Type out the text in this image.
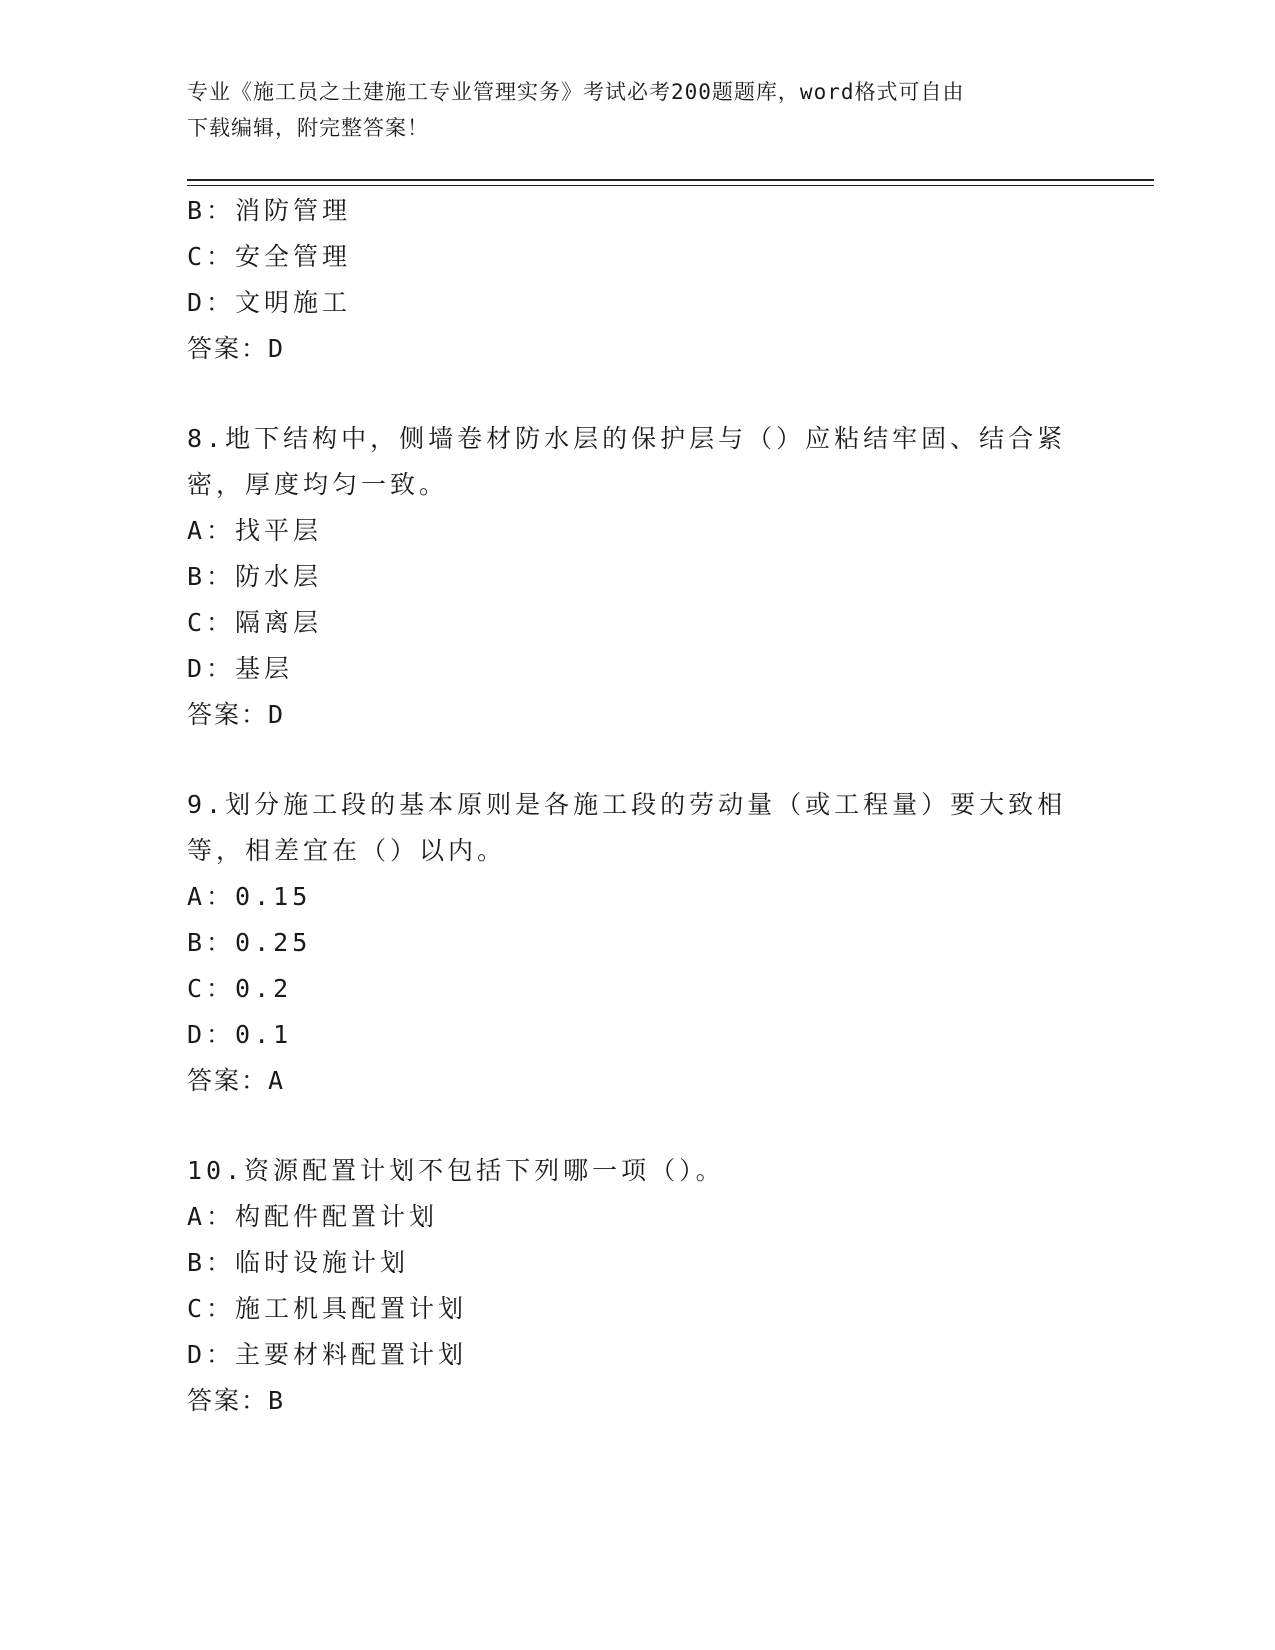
专业《施工员之土建施工专业管理实务》考试必考200题题库，word格式可自由
下载编辑，附完整答案！
B：消防管理
C：安全管理
D：文明施工
答案：D
8.地下结构中，侧墙卷材防水层的保护层与（）应粘结牢固、结合紧
密，厚度均匀一致。
A：找平层
B：防水层
C：隔离层
D：基层
答案：D
9.划分施工段的基本原则是各施工段的劳动量（或工程量）要大致相
等，相差宜在（）以内。
A：0.15
B：0.25
C：0.2
D：0.1
答案：A
10.资源配置计划不包括下列哪一项（）。
A：构配件配置计划
B：临时设施计划
C：施工机具配置计划
D：主要材料配置计划
答案：B
